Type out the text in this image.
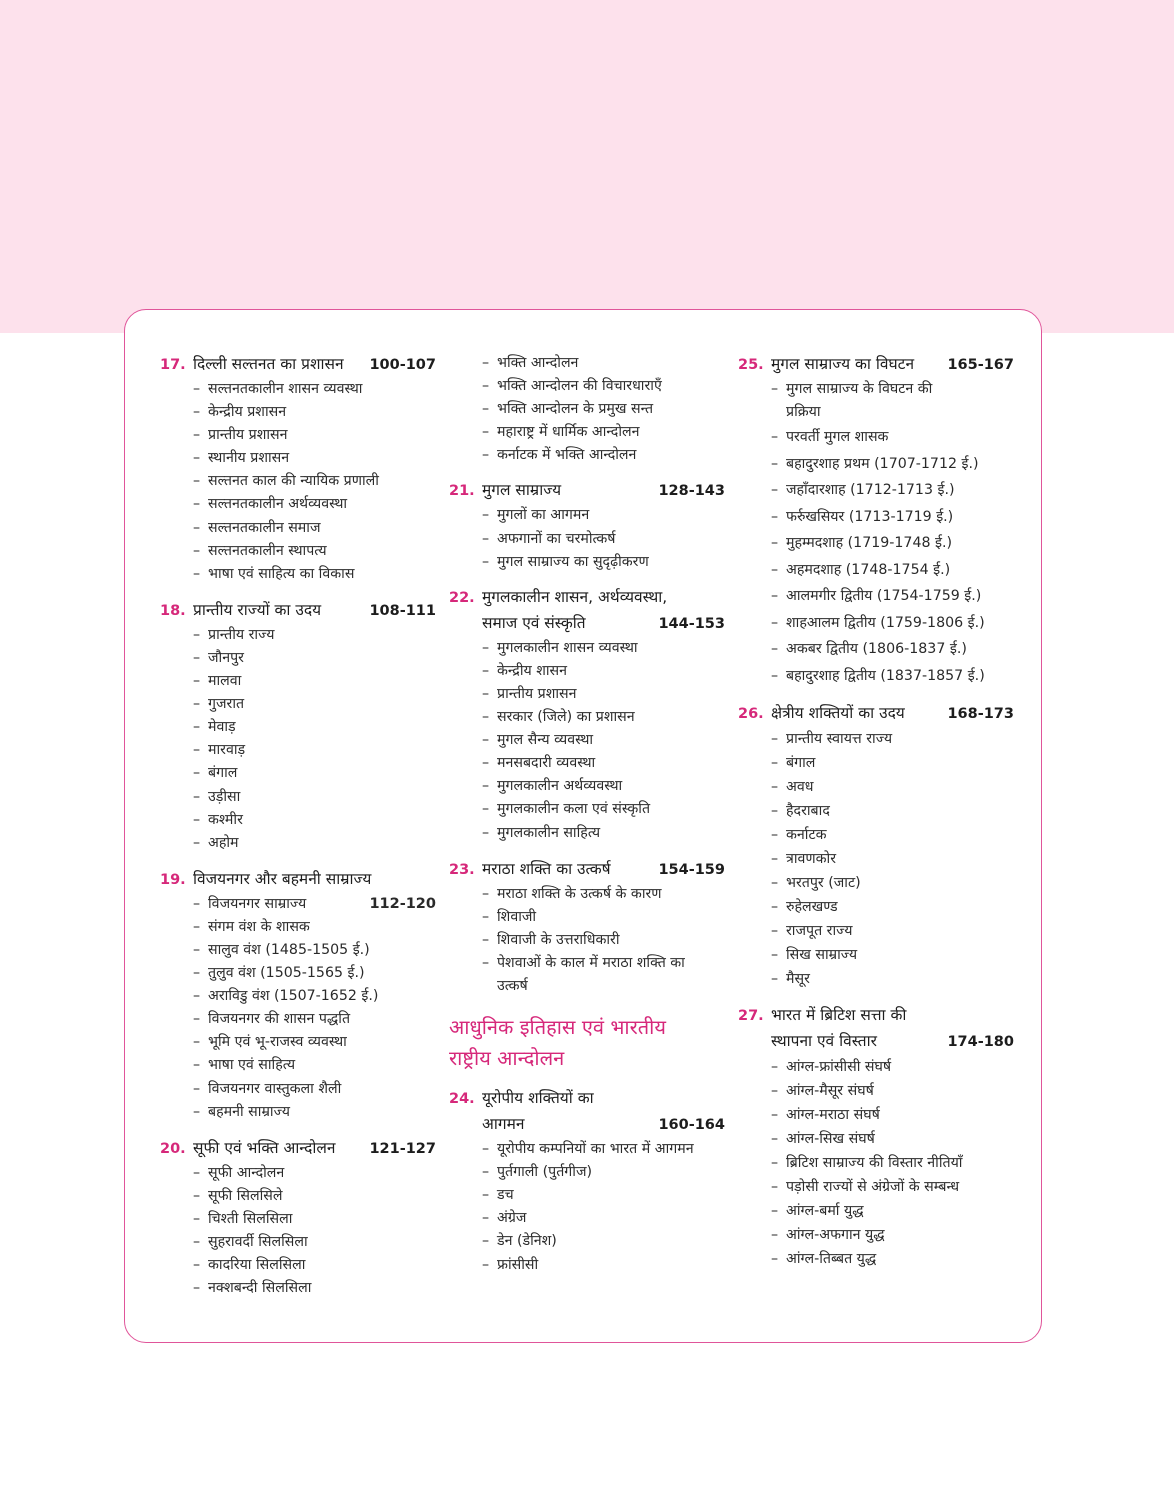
17. दिल्ली सल्तनत का प्रशासन	100-107
– सल्तनतकालीन शासन व्यवस्था
– केन्द्रीय प्रशासन
– प्रान्तीय प्रशासन
– स्थानीय प्रशासन
– सल्तनत काल की न्यायिक प्रणाली
– सल्तनतकालीन अर्थव्यवस्था
– सल्तनतकालीन समाज
– सल्तनतकालीन स्थापत्य
– भाषा एवं साहित्य का विकास
18. प्रान्तीय राज्यों का उदय	108-111
– प्रान्तीय राज्य
– जौनपुर
– मालवा
– गुजरात
– मेवाड़
– मारवाड़
– बंगाल
– उड़ीसा
– कश्मीर
– अहोम
19. विजयनगर और बहमनी साम्राज्य
– विजयनगर साम्राज्य	112-120
– संगम वंश के शासक
– सालुव वंश (1485-1505 ई.)
– तुलुव वंश (1505-1565 ई.)
– अराविडु वंश (1507-1652 ई.)
– विजयनगर की शासन पद्धति
– भूमि एवं भू-राजस्व व्यवस्था
– भाषा एवं साहित्य
– विजयनगर वास्तुकला शैली
– बहमनी साम्राज्य
20. सूफी एवं भक्ति आन्दोलन	121-127
– सूफी आन्दोलन
– सूफी सिलसिले
– चिश्ती सिलसिला
– सुहरावर्दी सिलसिला
– कादरिया सिलसिला
– नक्शबन्दी सिलसिला
– भक्ति आन्दोलन
– भक्ति आन्दोलन की विचारधाराएँ
– भक्ति आन्दोलन के प्रमुख सन्त
– महाराष्ट्र में धार्मिक आन्दोलन
– कर्नाटक में भक्ति आन्दोलन
21. मुगल साम्राज्य	128-143
– मुगलों का आगमन
– अफगानों का चरमोत्कर्ष
– मुगल साम्राज्य का सुदृढ़ीकरण
22. मुगलकालीन शासन, अर्थव्यवस्था,
समाज एवं संस्कृति	144-153
– मुगलकालीन शासन व्यवस्था
– केन्द्रीय शासन
– प्रान्तीय प्रशासन
– सरकार (जिले) का प्रशासन
– मुगल सैन्य व्यवस्था
– मनसबदारी व्यवस्था
– मुगलकालीन अर्थव्यवस्था
– मुगलकालीन कला एवं संस्कृति
– मुगलकालीन साहित्य
23. मराठा शक्ति का उत्कर्ष	154-159
– मराठा शक्ति के उत्कर्ष के कारण
– शिवाजी
– शिवाजी के उत्तराधिकारी
– पेशवाओं के काल में मराठा शक्ति का उत्कर्ष

आधुनिक इतिहास एवं भारतीय

राष्ट्रीय आन्दोलन

24. यूरोपीय शक्तियों का
आगमन	160-164
– यूरोपीय कम्पनियों का भारत में आगमन
– पुर्तगाली (पुर्तगीज)
– डच
– अंग्रेज
– डेन (डेनिश)
– फ्रांसीसी
25. मुगल साम्राज्य का विघटन	165-167
– मुगल साम्राज्य के विघटन की प्रक्रिया
– परवर्ती मुगल शासक
– बहादुरशाह प्रथम (1707-1712 ई.)
– जहाँदारशाह (1712-1713 ई.)
– फर्रुखसियर (1713-1719 ई.)
– मुहम्मदशाह (1719-1748 ई.)
– अहमदशाह (1748-1754 ई.)
– आलमगीर द्वितीय (1754-1759 ई.)
– शाहआलम द्वितीय (1759-1806 ई.)
– अकबर द्वितीय (1806-1837 ई.)
– बहादुरशाह द्वितीय (1837-1857 ई.)
26. क्षेत्रीय शक्तियों का उदय	168-173
– प्रान्तीय स्वायत्त राज्य
– बंगाल
– अवध
– हैदराबाद
– कर्नाटक
– त्रावणकोर
– भरतपुर (जाट)
– रुहेलखण्ड
– राजपूत राज्य
– सिख साम्राज्य
– मैसूर
27. भारत में ब्रिटिश सत्ता की
स्थापना एवं विस्तार	174-180
– आंग्ल-फ्रांसीसी संघर्ष
– आंग्ल-मैसूर संघर्ष
– आंग्ल-मराठा संघर्ष
– आंग्ल-सिख संघर्ष
– ब्रिटिश साम्राज्य की विस्तार नीतियाँ
– पड़ोसी राज्यों से अंग्रेजों के सम्बन्ध
– आंग्ल-बर्मा युद्ध
– आंग्ल-अफगान युद्ध
– आंग्ल-तिब्बत युद्ध
